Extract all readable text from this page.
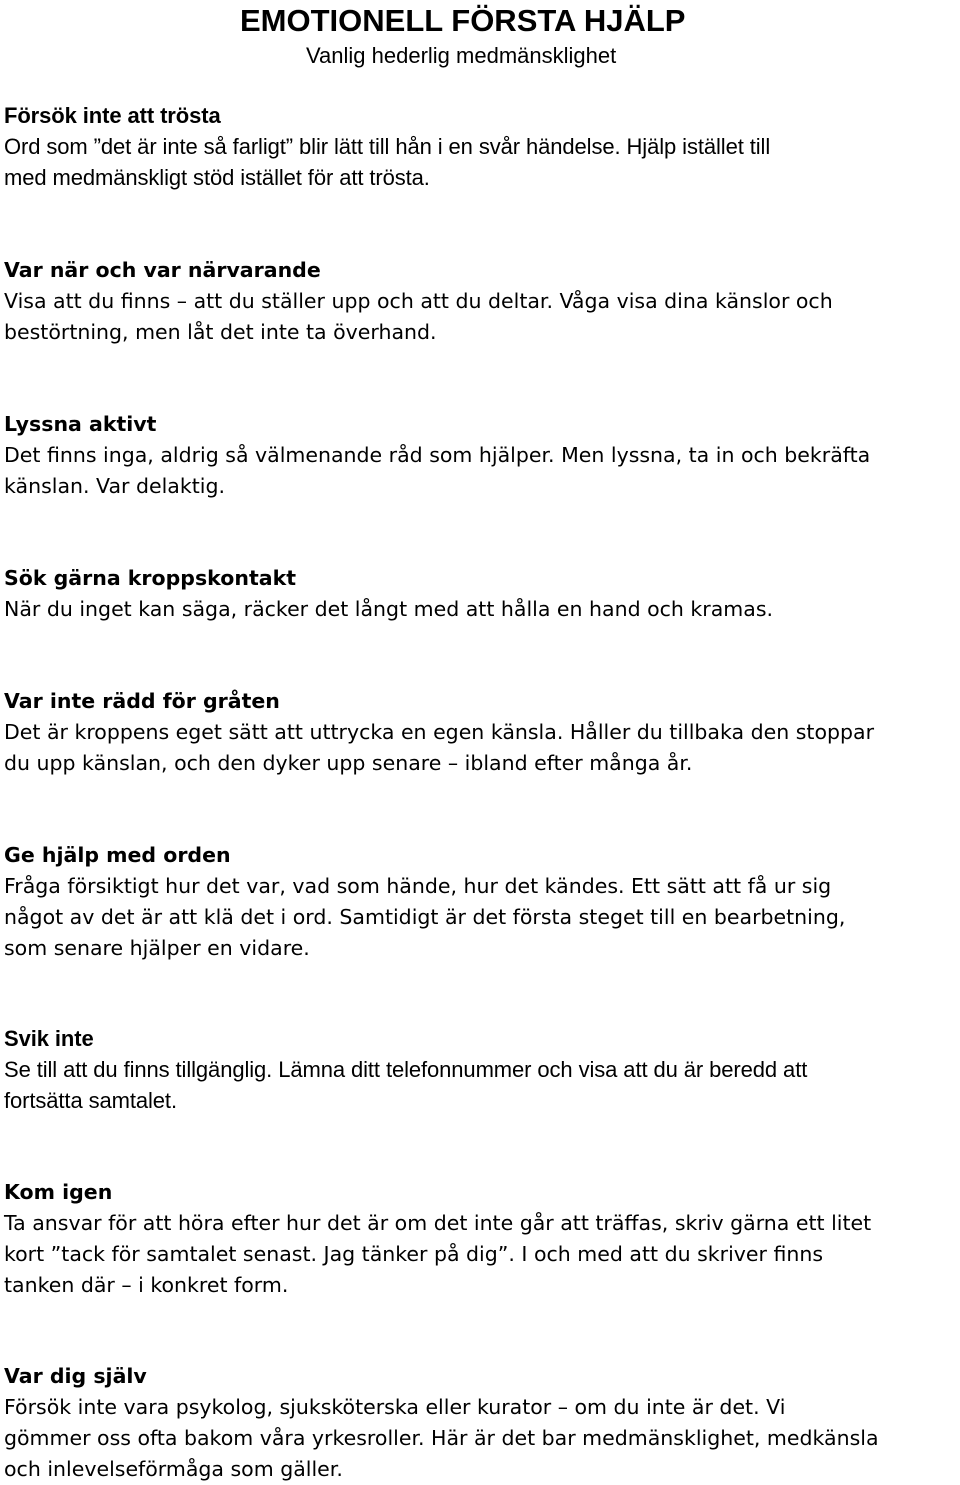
EMOTIONELL FÖRSTA HJÄLP
Vanlig hederlig medmänsklighet
Försök inte att trösta
Ord som ”det är inte så farligt” blir lätt till hån i en svår händelse. Hjälp istället till
med medmänskligt stöd istället för att trösta.
Var när och var närvarande
Visa att du finns – att du ställer upp och att du deltar. Våga visa dina känslor och
bestörtning, men låt det inte ta överhand.
Lyssna aktivt
Det finns inga, aldrig så välmenande råd som hjälper. Men lyssna, ta in och bekräfta
känslan. Var delaktig.
Sök gärna kroppskontakt
När du inget kan säga, räcker det långt med att hålla en hand och kramas.
Var inte rädd för gråten
Det är kroppens eget sätt att uttrycka en egen känsla. Håller du tillbaka den stoppar
du upp känslan, och den dyker upp senare – ibland efter många år.
Ge hjälp med orden
Fråga försiktigt hur det var, vad som hände, hur det kändes. Ett sätt att få ur sig
något av det är att klä det i ord. Samtidigt är det första steget till en bearbetning,
som senare hjälper en vidare.
Svik inte
Se till att du finns tillgänglig. Lämna ditt telefonnummer och visa att du är beredd att
fortsätta samtalet.
Kom igen
Ta ansvar för att höra efter hur det är om det inte går att träffas, skriv gärna ett litet
kort ”tack för samtalet senast. Jag tänker på dig”. I och med att du skriver finns
tanken där – i konkret form.
Var dig själv
Försök inte vara psykolog, sjuksköterska eller kurator – om du inte är det. Vi
gömmer oss ofta bakom våra yrkesroller. Här är det bar medmänsklighet, medkänsla
och inlevelseförmåga som gäller.
